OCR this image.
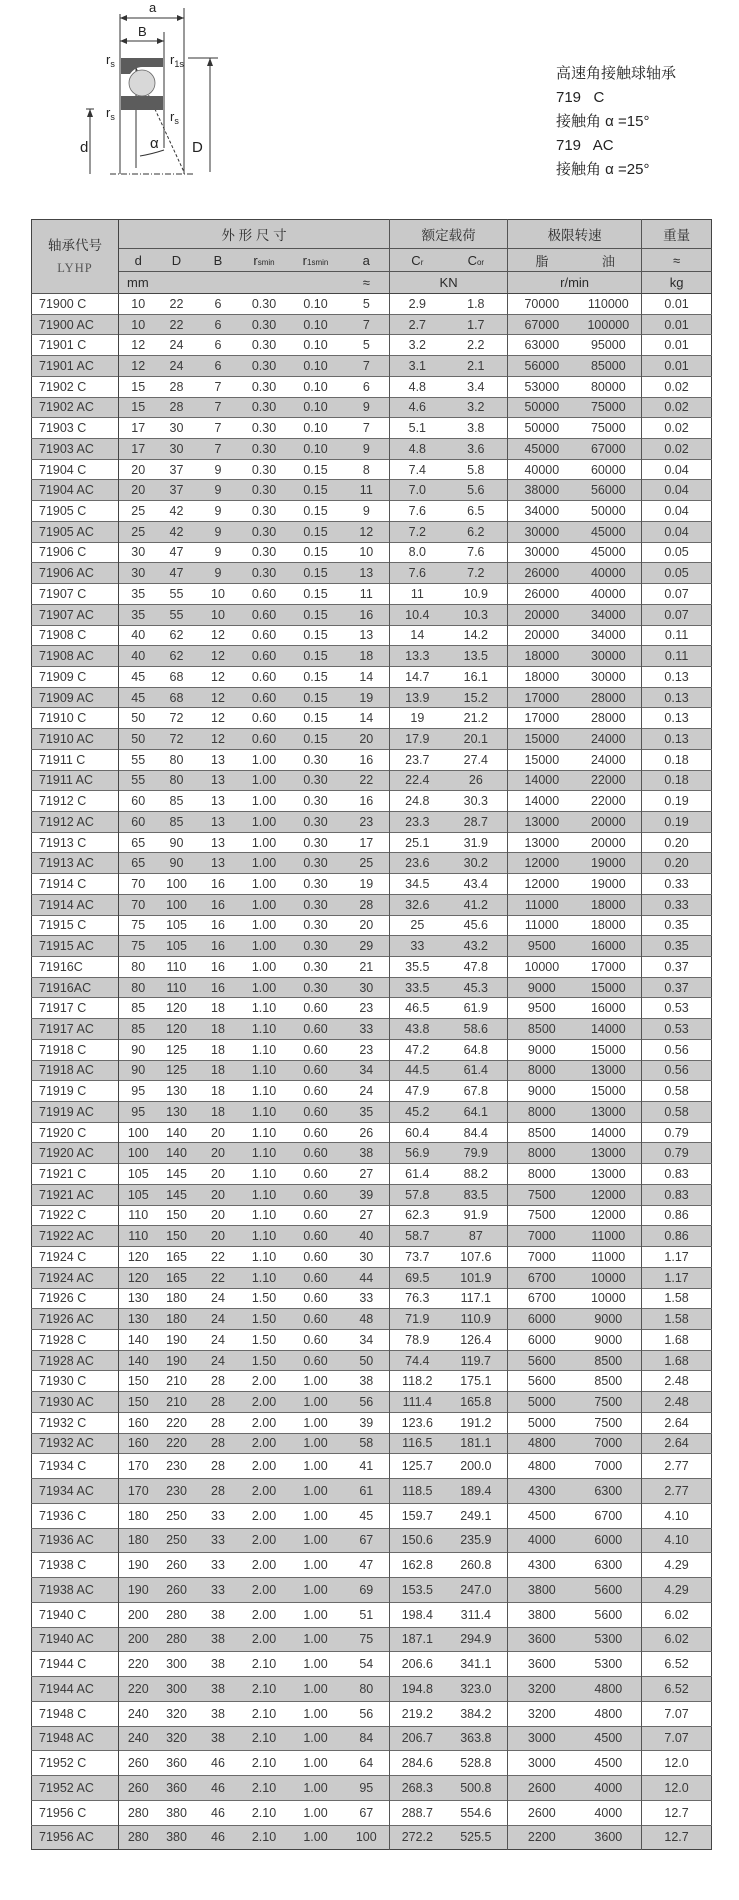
a
B
$r_s$	$r_{1s}$
$r_s$	$r_s$
d	D
α
高速角接触球轴承
719   C
接触角 α =15°
719   AC
接触角 α =25°
轴承代号
LYHP	外 形 尺 寸						额定载荷		极限转速		重量
	d	D	B	rsmin	r1smin	a	Cr	Cor	脂	油	≈
	mm					≈	KN		r/min		kg
71900 C	10	22	6	0.30	0.10	5	2.9	1.8	70000	110000	0.01
71900 AC	10	22	6	0.30	0.10	7	2.7	1.7	67000	100000	0.01
71901 C	12	24	6	0.30	0.10	5	3.2	2.2	63000	95000	0.01
71901 AC	12	24	6	0.30	0.10	7	3.1	2.1	56000	85000	0.01
71902 C	15	28	7	0.30	0.10	6	4.8	3.4	53000	80000	0.02
71902 AC	15	28	7	0.30	0.10	9	4.6	3.2	50000	75000	0.02
71903 C	17	30	7	0.30	0.10	7	5.1	3.8	50000	75000	0.02
71903 AC	17	30	7	0.30	0.10	9	4.8	3.6	45000	67000	0.02
71904 C	20	37	9	0.30	0.15	8	7.4	5.8	40000	60000	0.04
71904 AC	20	37	9	0.30	0.15	11	7.0	5.6	38000	56000	0.04
71905 C	25	42	9	0.30	0.15	9	7.6	6.5	34000	50000	0.04
71905 AC	25	42	9	0.30	0.15	12	7.2	6.2	30000	45000	0.04
71906 C	30	47	9	0.30	0.15	10	8.0	7.6	30000	45000	0.05
71906 AC	30	47	9	0.30	0.15	13	7.6	7.2	26000	40000	0.05
71907 C	35	55	10	0.60	0.15	11	11	10.9	26000	40000	0.07
71907 AC	35	55	10	0.60	0.15	16	10.4	10.3	20000	34000	0.07
71908 C	40	62	12	0.60	0.15	13	14	14.2	20000	34000	0.11
71908 AC	40	62	12	0.60	0.15	18	13.3	13.5	18000	30000	0.11
71909 C	45	68	12	0.60	0.15	14	14.7	16.1	18000	30000	0.13
71909 AC	45	68	12	0.60	0.15	19	13.9	15.2	17000	28000	0.13
71910 C	50	72	12	0.60	0.15	14	19	21.2	17000	28000	0.13
71910 AC	50	72	12	0.60	0.15	20	17.9	20.1	15000	24000	0.13
71911 C	55	80	13	1.00	0.30	16	23.7	27.4	15000	24000	0.18
71911 AC	55	80	13	1.00	0.30	22	22.4	26	14000	22000	0.18
71912 C	60	85	13	1.00	0.30	16	24.8	30.3	14000	22000	0.19
71912 AC	60	85	13	1.00	0.30	23	23.3	28.7	13000	20000	0.19
71913 C	65	90	13	1.00	0.30	17	25.1	31.9	13000	20000	0.20
71913 AC	65	90	13	1.00	0.30	25	23.6	30.2	12000	19000	0.20
71914 C	70	100	16	1.00	0.30	19	34.5	43.4	12000	19000	0.33
71914 AC	70	100	16	1.00	0.30	28	32.6	41.2	11000	18000	0.33
71915 C	75	105	16	1.00	0.30	20	25	45.6	11000	18000	0.35
71915 AC	75	105	16	1.00	0.30	29	33	43.2	9500	16000	0.35
71916C	80	110	16	1.00	0.30	21	35.5	47.8	10000	17000	0.37
71916AC	80	110	16	1.00	0.30	30	33.5	45.3	9000	15000	0.37
71917 C	85	120	18	1.10	0.60	23	46.5	61.9	9500	16000	0.53
71917 AC	85	120	18	1.10	0.60	33	43.8	58.6	8500	14000	0.53
71918 C	90	125	18	1.10	0.60	23	47.2	64.8	9000	15000	0.56
71918 AC	90	125	18	1.10	0.60	34	44.5	61.4	8000	13000	0.56
71919 C	95	130	18	1.10	0.60	24	47.9	67.8	9000	15000	0.58
71919 AC	95	130	18	1.10	0.60	35	45.2	64.1	8000	13000	0.58
71920 C	100	140	20	1.10	0.60	26	60.4	84.4	8500	14000	0.79
71920 AC	100	140	20	1.10	0.60	38	56.9	79.9	8000	13000	0.79
71921 C	105	145	20	1.10	0.60	27	61.4	88.2	8000	13000	0.83
71921 AC	105	145	20	1.10	0.60	39	57.8	83.5	7500	12000	0.83
71922 C	110	150	20	1.10	0.60	27	62.3	91.9	7500	12000	0.86
71922 AC	110	150	20	1.10	0.60	40	58.7	87	7000	11000	0.86
71924 C	120	165	22	1.10	0.60	30	73.7	107.6	7000	11000	1.17
71924 AC	120	165	22	1.10	0.60	44	69.5	101.9	6700	10000	1.17
71926 C	130	180	24	1.50	0.60	33	76.3	117.1	6700	10000	1.58
71926 AC	130	180	24	1.50	0.60	48	71.9	110.9	6000	9000	1.58
71928 C	140	190	24	1.50	0.60	34	78.9	126.4	6000	9000	1.68
71928 AC	140	190	24	1.50	0.60	50	74.4	119.7	5600	8500	1.68
71930 C	150	210	28	2.00	1.00	38	118.2	175.1	5600	8500	2.48
71930 AC	150	210	28	2.00	1.00	56	111.4	165.8	5000	7500	2.48
71932 C	160	220	28	2.00	1.00	39	123.6	191.2	5000	7500	2.64
71932 AC	160	220	28	2.00	1.00	58	116.5	181.1	4800	7000	2.64
71934 C	170	230	28	2.00	1.00	41	125.7	200.0	4800	7000	2.77
71934 AC	170	230	28	2.00	1.00	61	118.5	189.4	4300	6300	2.77
71936 C	180	250	33	2.00	1.00	45	159.7	249.1	4500	6700	4.10
71936 AC	180	250	33	2.00	1.00	67	150.6	235.9	4000	6000	4.10
71938 C	190	260	33	2.00	1.00	47	162.8	260.8	4300	6300	4.29
71938 AC	190	260	33	2.00	1.00	69	153.5	247.0	3800	5600	4.29
71940 C	200	280	38	2.00	1.00	51	198.4	311.4	3800	5600	6.02
71940 AC	200	280	38	2.00	1.00	75	187.1	294.9	3600	5300	6.02
71944 C	220	300	38	2.10	1.00	54	206.6	341.1	3600	5300	6.52
71944 AC	220	300	38	2.10	1.00	80	194.8	323.0	3200	4800	6.52
71948 C	240	320	38	2.10	1.00	56	219.2	384.2	3200	4800	7.07
71948 AC	240	320	38	2.10	1.00	84	206.7	363.8	3000	4500	7.07
71952 C	260	360	46	2.10	1.00	64	284.6	528.8	3000	4500	12.0
71952 AC	260	360	46	2.10	1.00	95	268.3	500.8	2600	4000	12.0
71956 C	280	380	46	2.10	1.00	67	288.7	554.6	2600	4000	12.7
71956 AC	280	380	46	2.10	1.00	100	272.2	525.5	2200	3600	12.7
